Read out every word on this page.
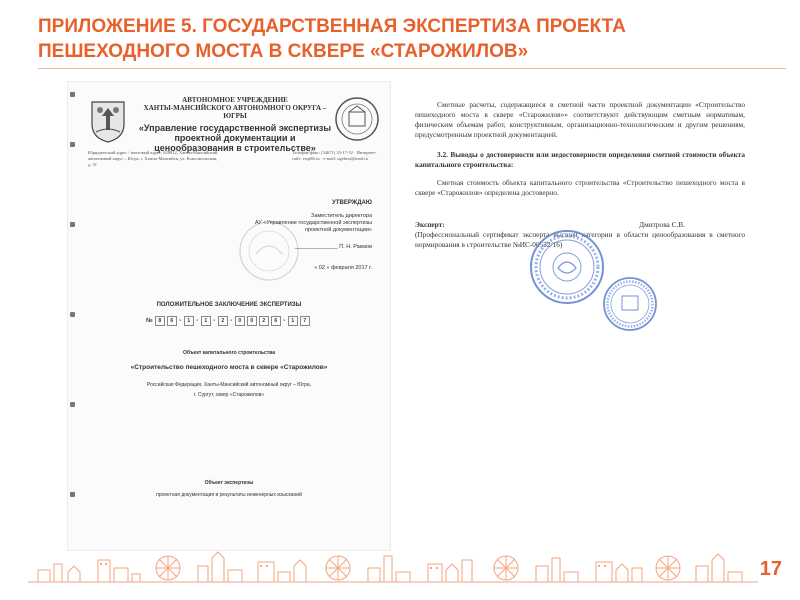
ПРИЛОЖЕНИЕ 5. ГОСУДАРСТВЕННАЯ ЭКСПЕРТИЗА ПРОЕКТА ПЕШЕХОДНОГО МОСТА В СКВЕРЕ «СТАРОЖИЛОВ»
АВТОНОМНОЕ УЧРЕЖДЕНИЕ
ХАНТЫ-МАНСИЙСКОГО АВТОНОМНОГО ОКРУГА – ЮГРЫ
«Управление государственной экспертизы проектной документации и ценообразования в строительстве»
Юридический адрес / почтовый адрес: 628012, Ханты-Мансийский автономный округ – Югра, г. Ханты-Мансийск, ул. Комсомольская, д. 31
Телефон/факс: (34671) 33-17-32 · Интернет-сайт: ewp86.ru · e-mail: ugebest@mail.ru
УТВЕРЖДАЮ
Заместитель директора
АУ «Управление государственной экспертизы проектной документации»
______________ П. Н. Рамзов
« 02 » февраля 2017 г.
ПОЛОЖИТЕЛЬНОЕ ЗАКЛЮЧЕНИЕ ЭКСПЕРТИЗЫ
№	8	6	-	1	-	1	-	2	-	0	0	2	6	-	1	7
Объект капитального строительства
«Строительство пешеходного моста в сквере «Старожилов»
Российская Федерация, Ханты-Мансийский автономный округ – Югра,
г. Сургут, сквер «Старожилов»
Объект экспертизы
проектная документация и результаты инженерных изысканий

Сметные расчеты, содержащиеся в сметной части проектной документации «Строительство пешеходного моста в сквере «Старожилов»» соответствуют действующим сметным нормативам, физическим объемам работ, конструктивным, организационно-технологическим и другим решениям, предусмотренным проектной документацией.

3.2. Выводы о достоверности или недостоверности определения сметной стоимости объекта капитального строительства:

Сметная стоимость объекта капитального строительства «Строительство пешеходного моста в сквере «Старожилов» определена достоверно.

Эксперт:	Дмитрова С.В.

(Профессиональный сертификат эксперта высшей категории в области ценообразования в сметного нормирования в строительстве №ИС-00532/16)

17
